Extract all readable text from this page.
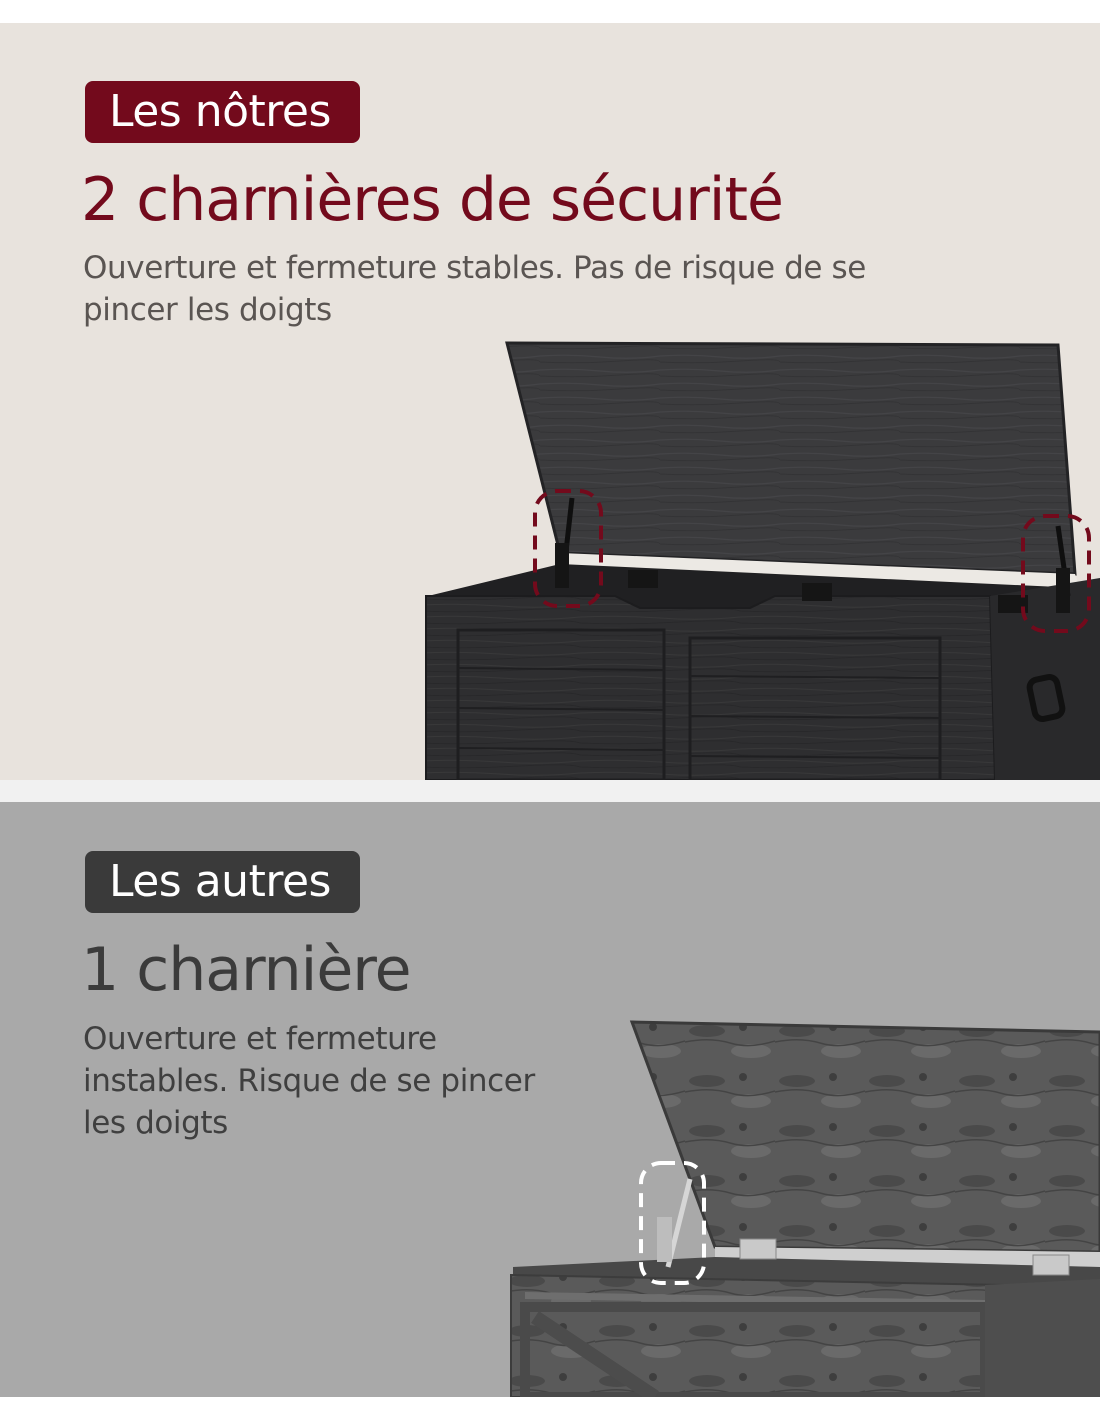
Les nôtres
2 charnières de sécurité

Ouverture et fermeture stables. Pas de risque de se pincer les doigts

Les autres
1 charnière

Ouverture et fermeture instables. Risque de se pincer les doigts
